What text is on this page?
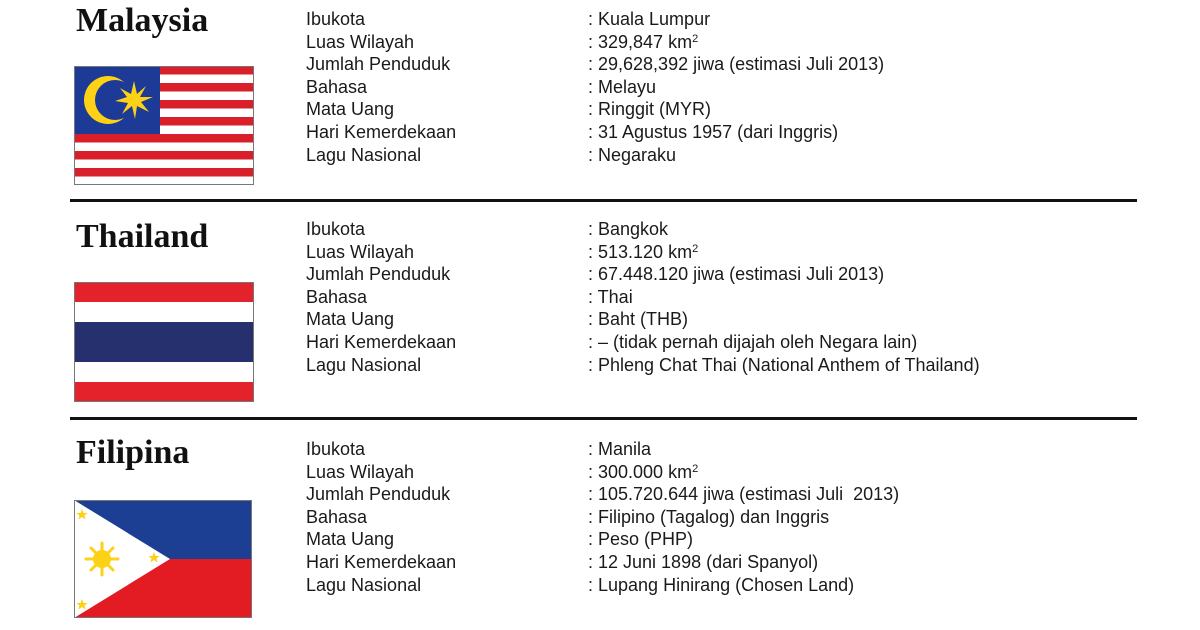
Malaysia	Ibukota	: Kuala Lumpur
Luas Wilayah	: 329,847 $km^2$
Jumlah Penduduk	: 29,628,392 jiwa (estimasi Juli 2013)
Bahasa	: Melayu
Mata Uang	: Ringgit (MYR)
Hari Kemerdekaan	: 31 Agustus 1957 (dari Inggris)
Lagu Nasional	: Negaraku
Thailand	Ibukota	: Bangkok
Luas Wilayah	: 513.120 $km^2$
Jumlah Penduduk	: 67.448.120 jiwa (estimasi Juli 2013)
Bahasa	: Thai
Mata Uang	: Baht (THB)
Hari Kemerdekaan	: – (tidak pernah dijajah oleh Negara lain)
Lagu Nasional	: Phleng Chat Thai (National Anthem of Thailand)
Filipina	Ibukota	: Manila
Luas Wilayah	: 300.000 $km^2$
Jumlah Penduduk	: 105.720.644 jiwa (estimasi Juli  2013)
Bahasa	: Filipino (Tagalog) dan Inggris
Mata Uang	: Peso (PHP)
Hari Kemerdekaan	: 12 Juni 1898 (dari Spanyol)
Lagu Nasional	: Lupang Hinirang (Chosen Land)
